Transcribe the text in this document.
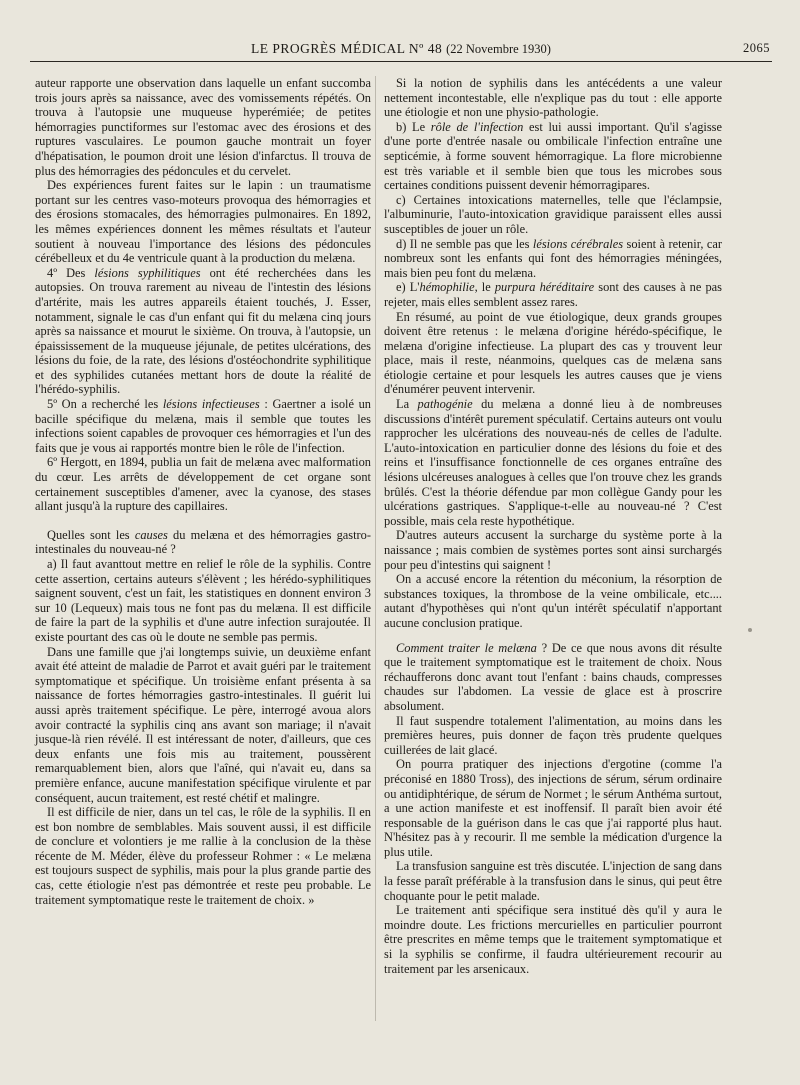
LE PROGRÈS MÉDICAL Nº 48 (22 Novembre 1930)	2065

auteur rapporte une observation dans laquelle un enfant succomba trois jours après sa naissance, avec des vomissements répétés. On trouva à l'autopsie une muqueuse hyperémiée; de petites hémorragies punctiformes sur l'estomac avec des érosions et des ruptures vasculaires. Le poumon gauche montrait un foyer d'hépatisation, le poumon droit une lésion d'infarctus. Il trouva de plus des hémorragies des pédoncules et du cervelet.

Des expériences furent faites sur le lapin : un traumatisme portant sur les centres vaso-moteurs provoqua des hémorragies et des érosions stomacales, des hémorragies pulmonaires. En 1892, les mêmes expériences donnent les mêmes résultats et l'auteur soutient à nouveau l'importance des lésions des pédoncules cérébelleux et du 4e ventricule quant à la production du melæna.

4º Des lésions syphilitiques ont été recherchées dans les autopsies. On trouva rarement au niveau de l'intestin des lésions d'artérite, mais les autres appareils étaient touchés, J. Esser, notamment, signale le cas d'un enfant qui fit du melæna cinq jours après sa naissance et mourut le sixième. On trouva, à l'autopsie, un épaississement de la muqueuse jéjunale, de petites ulcérations, des lésions du foie, de la rate, des lésions d'ostéochondrite syphilitique et des syphilides cutanées mettant hors de doute la réalité de l'hérédo-syphilis.

5º On a recherché les lésions infectieuses : Gaertner a isolé un bacille spécifique du melæna, mais il semble que toutes les infections soient capables de provoquer ces hémorragies et l'un des faits que je vous ai rapportés montre bien le rôle de l'infection.

6º Hergott, en 1894, publia un fait de melæna avec malformation du cœur. Les arrêts de développement de cet organe sont certainement susceptibles d'amener, avec la cyanose, des stases allant jusqu'à la rupture des capillaires.

Quelles sont les causes du melæna et des hémorragies gastro-intestinales du nouveau-né ?

a) Il faut avanttout mettre en relief le rôle de la syphilis. Contre cette assertion, certains auteurs s'élèvent ; les hérédo-syphilitiques saignent souvent, c'est un fait, les statistiques en donnent environ 3 sur 10 (Lequeux) mais tous ne font pas du melæna. Il est difficile de faire la part de la syphilis et d'une autre infection surajoutée. Il existe pourtant des cas où le doute ne semble pas permis.

Dans une famille que j'ai longtemps suivie, un deuxième enfant avait été atteint de maladie de Parrot et avait guéri par le traitement symptomatique et spécifique. Un troisième enfant présenta à sa naissance de fortes hémorragies gastro-intestinales. Il guérit lui aussi après traitement spécifique. Le père, interrogé avoua alors avoir contracté la syphilis cinq ans avant son mariage; il n'avait jusque-là rien révélé. Il est intéressant de noter, d'ailleurs, que ces deux enfants une fois mis au traitement, poussèrent remarquablement bien, alors que l'aîné, qui n'avait eu, dans sa première enfance, aucune manifestation spécifique virulente et par conséquent, aucun traitement, est resté chétif et malingre.

Il est difficile de nier, dans un tel cas, le rôle de la syphilis. Il en est bon nombre de semblables. Mais souvent aussi, il est difficile de conclure et volontiers je me rallie à la conclusion de la thèse récente de M. Méder, élève du professeur Rohmer : « Le melæna est toujours suspect de syphilis, mais pour la plus grande partie des cas, cette étiologie n'est pas démontrée et reste peu probable. Le traitement symptomatique reste le traitement de choix. »

Si la notion de syphilis dans les antécédents a une valeur nettement incontestable, elle n'explique pas du tout : elle apporte une étiologie et non une physio-pathologie.

b) Le rôle de l'infection est lui aussi important. Qu'il s'agisse d'une porte d'entrée nasale ou ombilicale l'infection entraîne une septicémie, à forme souvent hémorragique. La flore microbienne est très variable et il semble bien que tous les microbes sous certaines conditions puissent devenir hémorragipares.

c) Certaines intoxications maternelles, telle que l'éclampsie, l'albuminurie, l'auto-intoxication gravidique paraissent elles aussi susceptibles de jouer un rôle.

d) Il ne semble pas que les lésions cérébrales soient à retenir, car nombreux sont les enfants qui font des hémorragies méningées, mais bien peu font du melæna.

e) L'hémophilie, le purpura héréditaire sont des causes à ne pas rejeter, mais elles semblent assez rares.

En résumé, au point de vue étiologique, deux grands groupes doivent être retenus : le melæna d'origine hérédo-spécifique, le melæna d'origine infectieuse. La plupart des cas y trouvent leur place, mais il reste, néanmoins, quelques cas de melæna sans étiologie certaine et pour lesquels les autres causes que je viens d'énumérer peuvent intervenir.

La pathogénie du melæna a donné lieu à de nombreuses discussions d'intérêt purement spéculatif. Certains auteurs ont voulu rapprocher les ulcérations des nouveau-nés de celles de l'adulte. L'auto-intoxication en particulier donne des lésions du foie et des reins et l'insuffisance fonctionnelle de ces organes entraîne des lésions ulcéreuses analogues à celles que l'on trouve chez les grands brûlés. C'est la théorie défendue par mon collègue Gandy pour les ulcérations gastriques. S'applique-t-elle au nouveau-né ? C'est possible, mais cela reste hypothétique.

D'autres auteurs accusent la surcharge du système porte à la naissance ; mais combien de systèmes portes sont ainsi surchargés pour peu d'intestins qui saignent !

On a accusé encore la rétention du méconium, la résorption de substances toxiques, la thrombose de la veine ombilicale, etc.... autant d'hypothèses qui n'ont qu'un intérêt spéculatif n'apportant aucune conclusion pratique.

Comment traiter le melæna ? De ce que nous avons dit résulte que le traitement symptomatique est le traitement de choix. Nous réchaufferons donc avant tout l'enfant : bains chauds, compresses chaudes sur l'abdomen. La vessie de glace est à proscrire absolument.

Il faut suspendre totalement l'alimentation, au moins dans les premières heures, puis donner de façon très prudente quelques cuillerées de lait glacé.

On pourra pratiquer des injections d'ergotine (comme l'a préconisé en 1880 Tross), des injections de sérum, sérum ordinaire ou antidiphtérique, de sérum de Normet ; le sérum Anthéma surtout, a une action manifeste et est inoffensif. Il paraît bien avoir été responsable de la guérison dans le cas que j'ai rapporté plus haut. N'hésitez pas à y recourir. Il me semble la médication d'urgence la plus utile.

La transfusion sanguine est très discutée. L'injection de sang dans la fesse paraît préférable à la transfusion dans le sinus, qui peut être choquante pour le petit malade.

Le traitement anti spécifique sera institué dès qu'il y aura le moindre doute. Les frictions mercurielles en particulier pourront être prescrites en même temps que le traitement symptomatique et si la syphilis se confirme, il faudra ultérieurement recourir au traitement par les arsenicaux.
